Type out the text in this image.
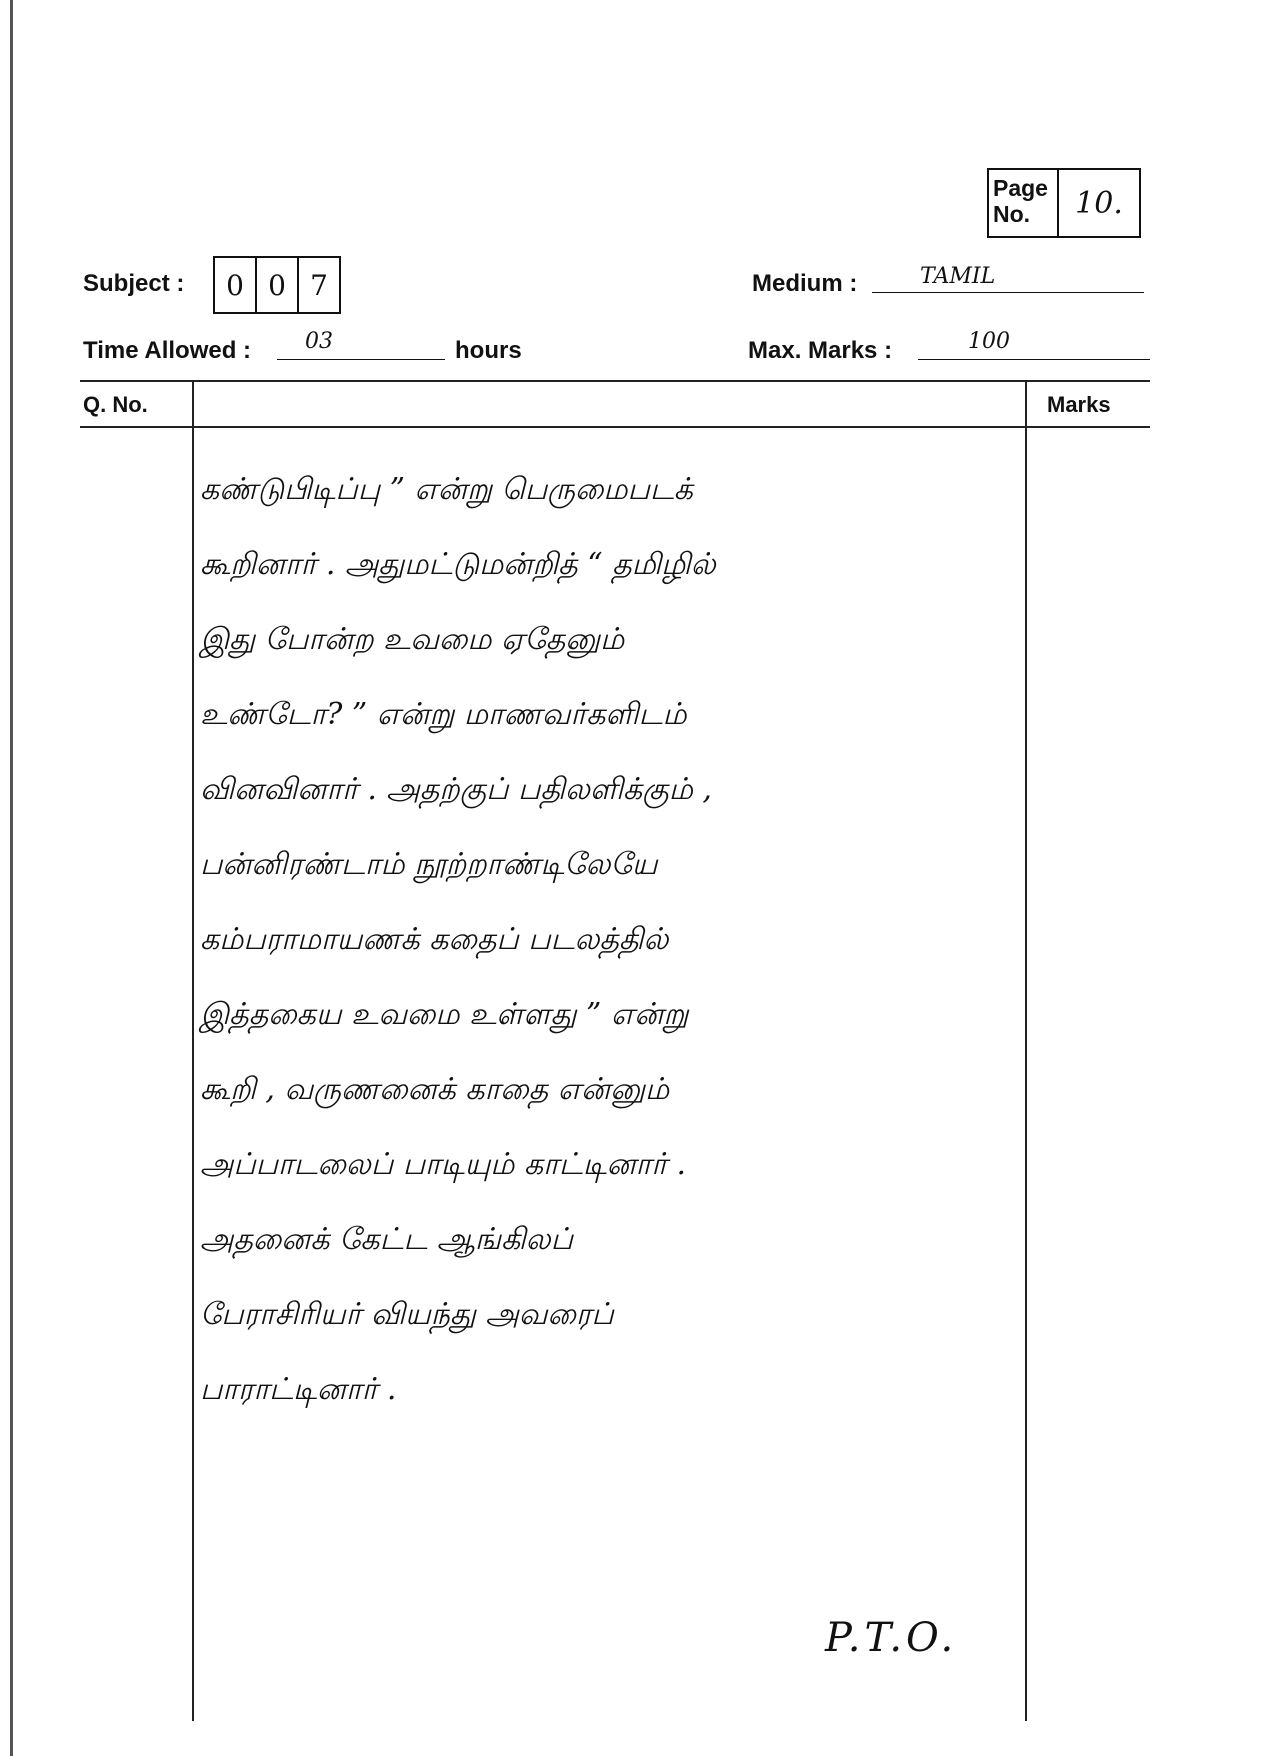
Page No.	10.
Subject :	0 0 7	Medium :	TAMIL
Time Allowed : 03	hours	Max. Marks :	100
Q. No.	Marks
கண்டுபிடிப்பு ” என்று பெருமைபடக்
கூறினார் . அதுமட்டுமன்றித் “ தமிழில்
இது போன்ற உவமை ஏதேனும்
உண்டோ? ” என்று மாணவர்களிடம்
வினவினார் . அதற்குப் பதிலளிக்கும் ,
பன்னிரண்டாம் நூற்றாண்டிலேயே
கம்பராமாயணக் கதைப் படலத்தில்
இத்தகைய உவமை உள்ளது ” என்று
கூறி , வருணனைக் காதை என்னும்
அப்பாடலைப் பாடியும் காட்டினார் .
அதனைக் கேட்ட ஆங்கிலப்
பேராசிரியர் வியந்து அவரைப்
பாராட்டினார் .
P.T.O.
